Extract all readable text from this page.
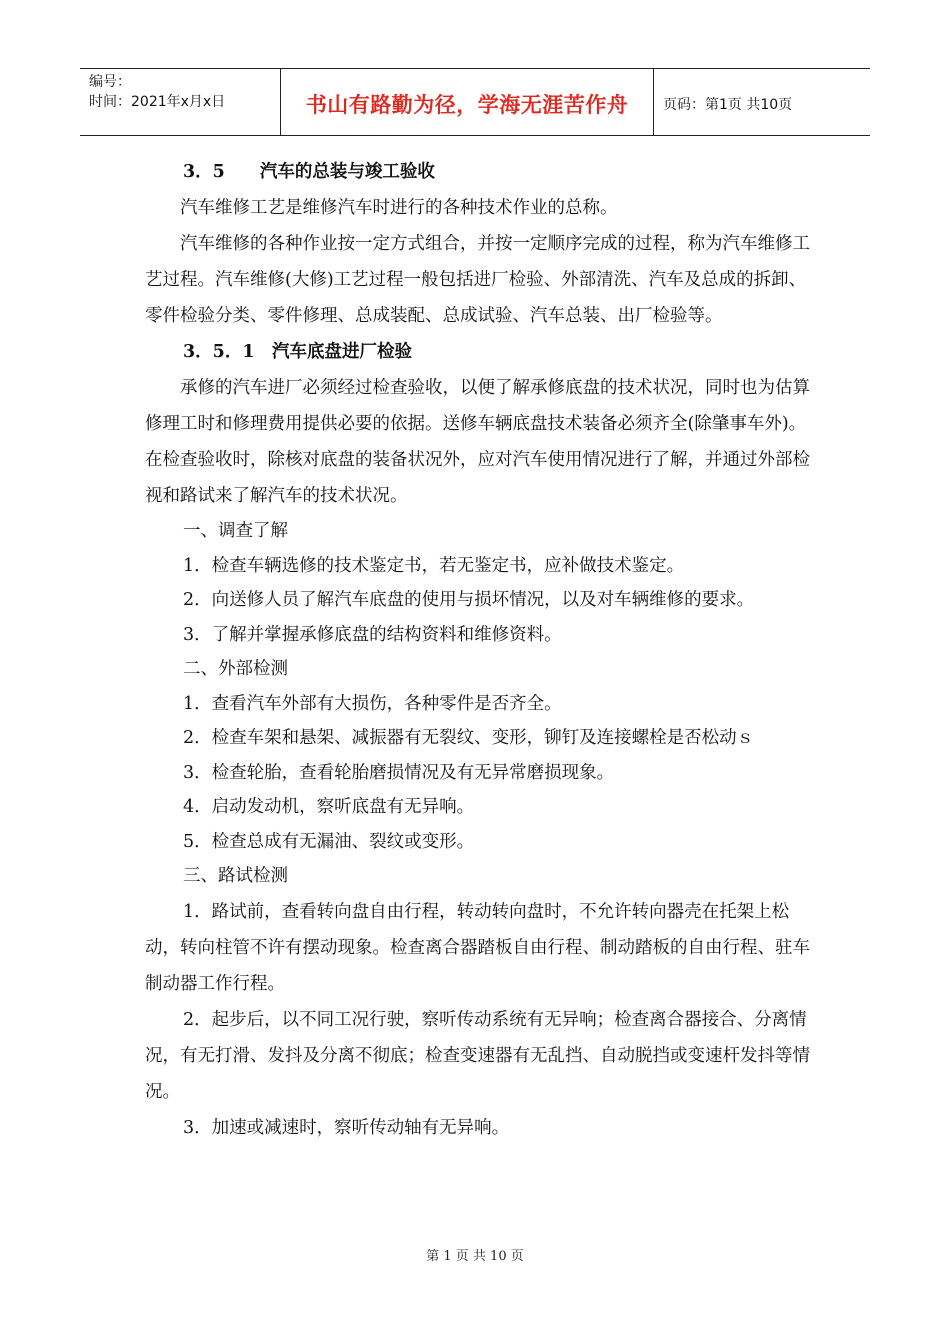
编号：
时间：2021年x月x日	书山有路勤为径，学海无涯苦作舟 页码：第1页 共10页

3．5　　汽车的总装与竣工验收

汽车维修工艺是维修汽车时进行的各种技术作业的总称。

汽车维修的各种作业按一定方式组合，并按一定顺序完成的过程，称为汽车维修工艺过程。汽车维修(大修)工艺过程一般包括进厂检验、外部清洗、汽车及总成的拆卸、零件检验分类、零件修理、总成装配、总成试验、汽车总装、出厂检验等。

3．5．1　汽车底盘进厂检验

承修的汽车进厂必须经过检查验收，以便了解承修底盘的技术状况，同时也为估算修理工时和修理费用提供必要的依据。送修车辆底盘技术装备必须齐全(除肇事车外)。在检查验收时，除核对底盘的装备状况外，应对汽车使用情况进行了解，并通过外部检视和路试来了解汽车的技术状况。

一、调查了解

1．检查车辆选修的技术鉴定书，若无鉴定书，应补做技术鉴定。

2．向送修人员了解汽车底盘的使用与损坏情况，以及对车辆维修的要求。

3．了解并掌握承修底盘的结构资料和维修资料。

二、外部检测

1．查看汽车外部有大损伤，各种零件是否齐全。

2．检查车架和悬架、减振器有无裂纹、变形，铆钉及连接螺栓是否松动ｓ

3．检查轮胎，查看轮胎磨损情况及有无异常磨损现象。

4．启动发动机，察听底盘有无异响。

5．检查总成有无漏油、裂纹或变形。

三、路试检测

1．路试前，查看转向盘自由行程，转动转向盘时，不允许转向器壳在托架上松动，转向柱管不许有摆动现象。检查离合器踏板自由行程、制动踏板的自由行程、驻车制动器工作行程。

2．起步后，以不同工况行驶，察听传动系统有无异响；检查离合器接合、分离情况，有无打滑、发抖及分离不彻底；检查变速器有无乱挡、自动脱挡或变速杆发抖等情况。

3．加速或减速时，察听传动轴有无异响。

第 1 页 共 10 页
